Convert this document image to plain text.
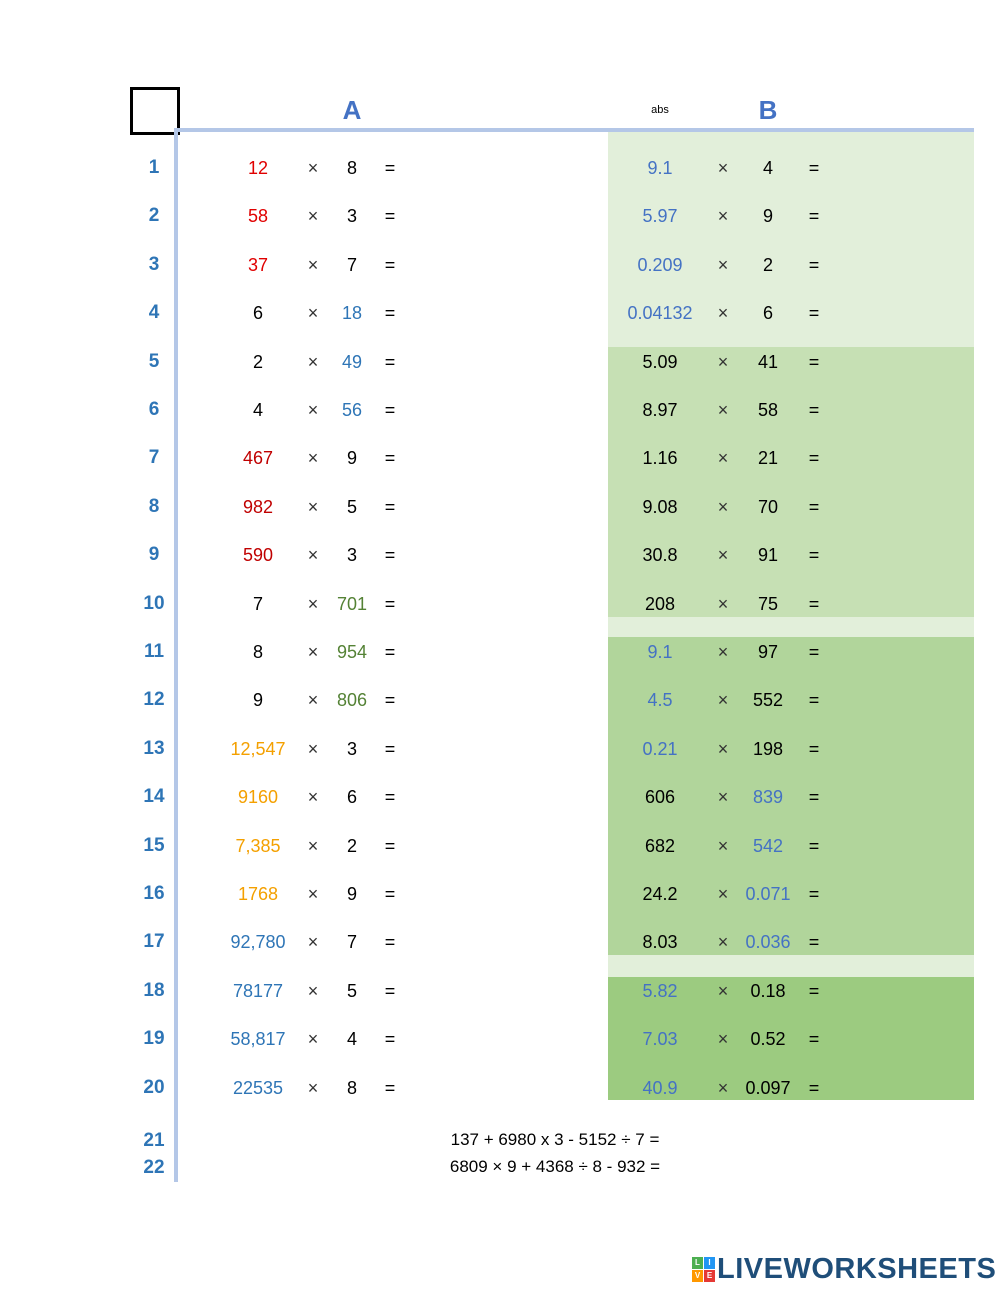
A	abs	B
1	12	×	8	=	9.1	×	4	=
2	58	×	3	=	5.97	×	9	=
3	37	×	7	=	0.209	×	2	=
4	6	×	18	=	0.04132	×	6	=
5	2	×	49	=	5.09	×	41	=
6	4	×	56	=	8.97	×	58	=
7	467	×	9	=	1.16	×	21	=
8	982	×	5	=	9.08	×	70	=
9	590	×	3	=	30.8	×	91	=
10	7	×	701 =	208	×	75	=
11	8	×	954 =	9.1	×	97	=
12	9	×	806 =	4.5	×	552	=
13	12,547	×	3	=	0.21	×	198	=
14	9160	×	6	=	606	×	839	=
15	7,385	×	2	=	682	×	542	=
16	1768	×	9	=	24.2	× 0.071	=
17	92,780	×	7	=	8.03	× 0.036	=
18	78177	×	5	=	5.82	×	0.18	=
19	58,817	×	4	=	7.03	×	0.52	=
20	22535	×	8	=	40.9	× 0.097	=
21	137 + 6980 x 3 - 5152 ÷ 7 =
22	6809 × 9 + 4368 ÷ 8 - 932 =
L	I
V E LIVEWORKSHEETS
